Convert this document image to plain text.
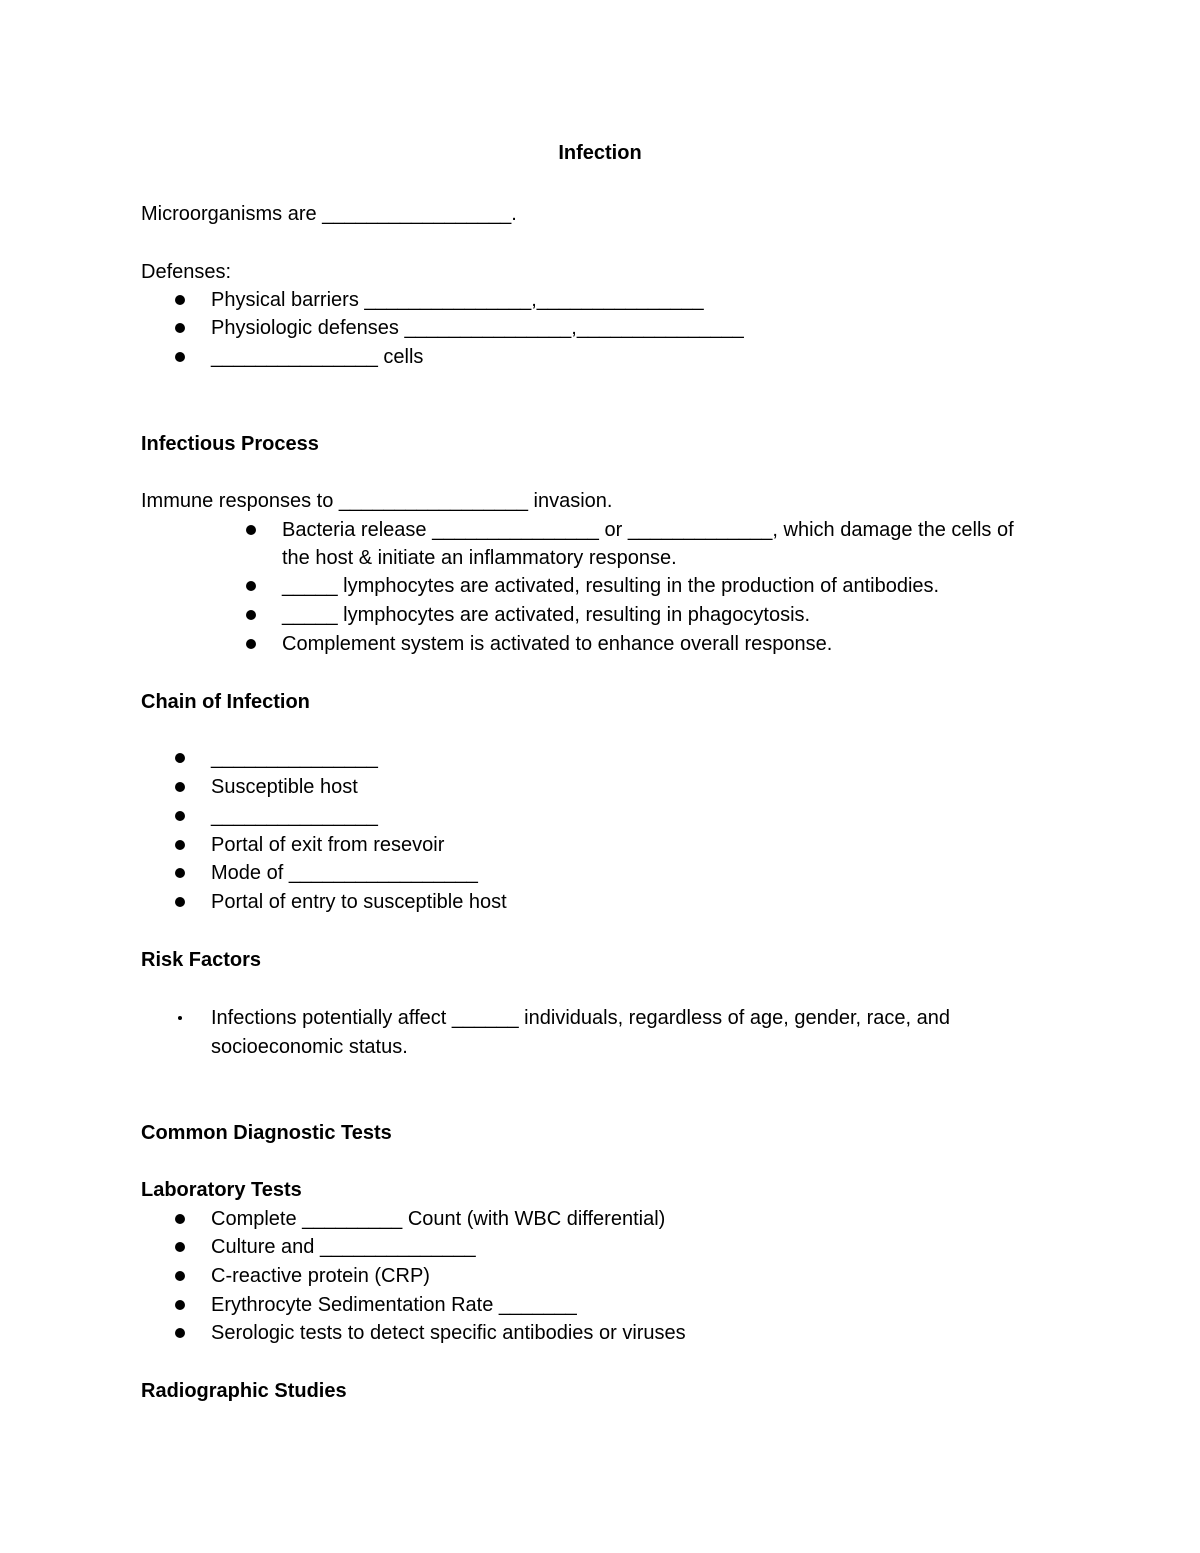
Infection
Microorganisms are _________________.
Defenses:
Physical barriers _______________,_______________
Physiologic defenses _______________,_______________
_______________ cells
Infectious Process
Immune responses to _________________ invasion.
Bacteria release _______________ or _____________, which damage the cells of
the host & initiate an inflammatory response.
_____ lymphocytes are activated, resulting in the production of antibodies.
_____ lymphocytes are activated, resulting in phagocytosis.
Complement system is activated to enhance overall response.
Chain of Infection
_______________
Susceptible host
_______________
Portal of exit from resevoir
Mode of _________________
Portal of entry to susceptible host
Risk Factors
Infections potentially affect ______ individuals, regardless of age, gender, race, and
socioeconomic status.
Common Diagnostic Tests
Laboratory Tests
Complete _________ Count (with WBC differential)
Culture and ______________
C-reactive protein (CRP)
Erythrocyte Sedimentation Rate _______
Serologic tests to detect specific antibodies or viruses
Radiographic Studies
